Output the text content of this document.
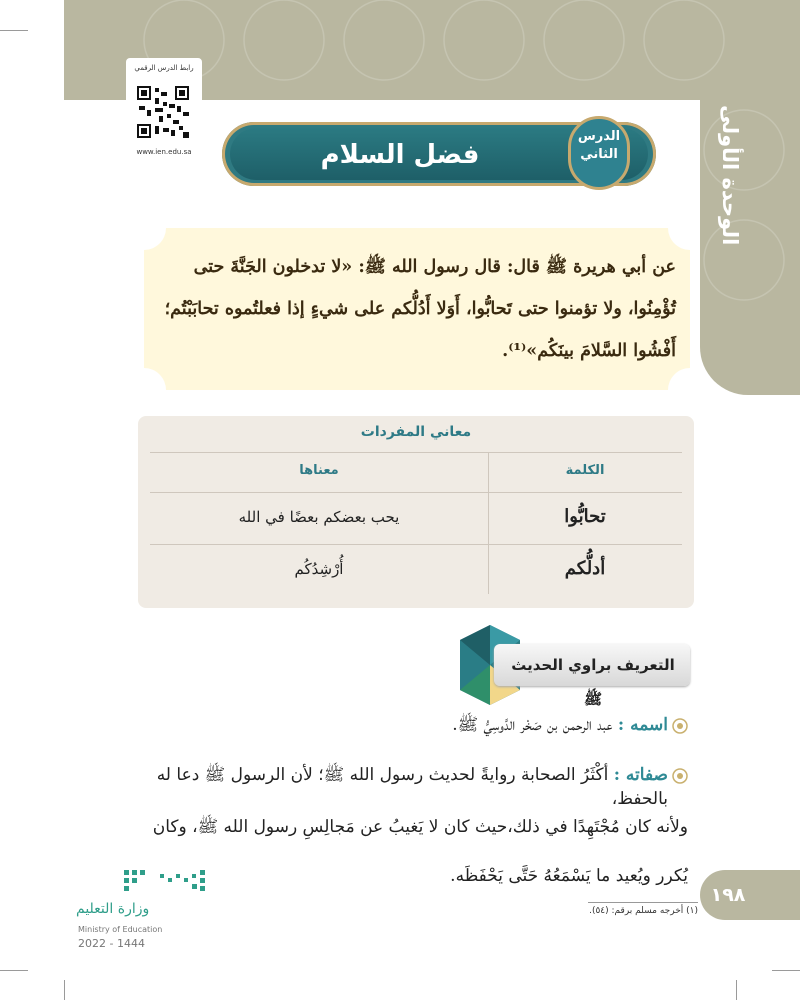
الوحدة الأولى
رابط الدرس الرقمي
www.ien.edu.sa	فضل السلام
الدرس
الثاني
عن أبي هريرة ﷺ قال: قال رسول الله ﷺ: «لا تدخلون الجَنَّةَ حتى تُؤْمِنُوا، ولا تؤمنوا حتى تَحابُّوا، أَوَلا أَدُلُّكم على شيءٍ إذا فعلتُموه تحابَبْتُم؛ أَفْشُوا السَّلامَ بينَكُم»⁽¹⁾.
معاني المفردات
الكلمة
معناها
تحابُّوا
يحب بعضكم بعضًا في الله
أدلُّكم
أُرْشِدُكُم
التعريف براوي الحديث ﷺ
اسمه : عبد الرحمن بن صَخْر الدَّوسِيُّ ﷺ.
صفاته : أكْثَرُ الصحابة روايةً لحديث رسول الله ﷺ؛ لأن الرسول ﷺ دعا له بالحفظ،
ولأنه كان مُجْتَهِدًا في ذلك،حيث كان لا يَغيبُ عن مَجالِسِ رسول الله ﷺ، وكان
يُكرر ويُعيد ما يَسْمَعُهُ حَتَّى يَحْفَظَه.
(١) أخرجه مسلم برقم: (٥٤).
١٩٨
وزارة التعليم
Ministry of Education
2022 - 1444
